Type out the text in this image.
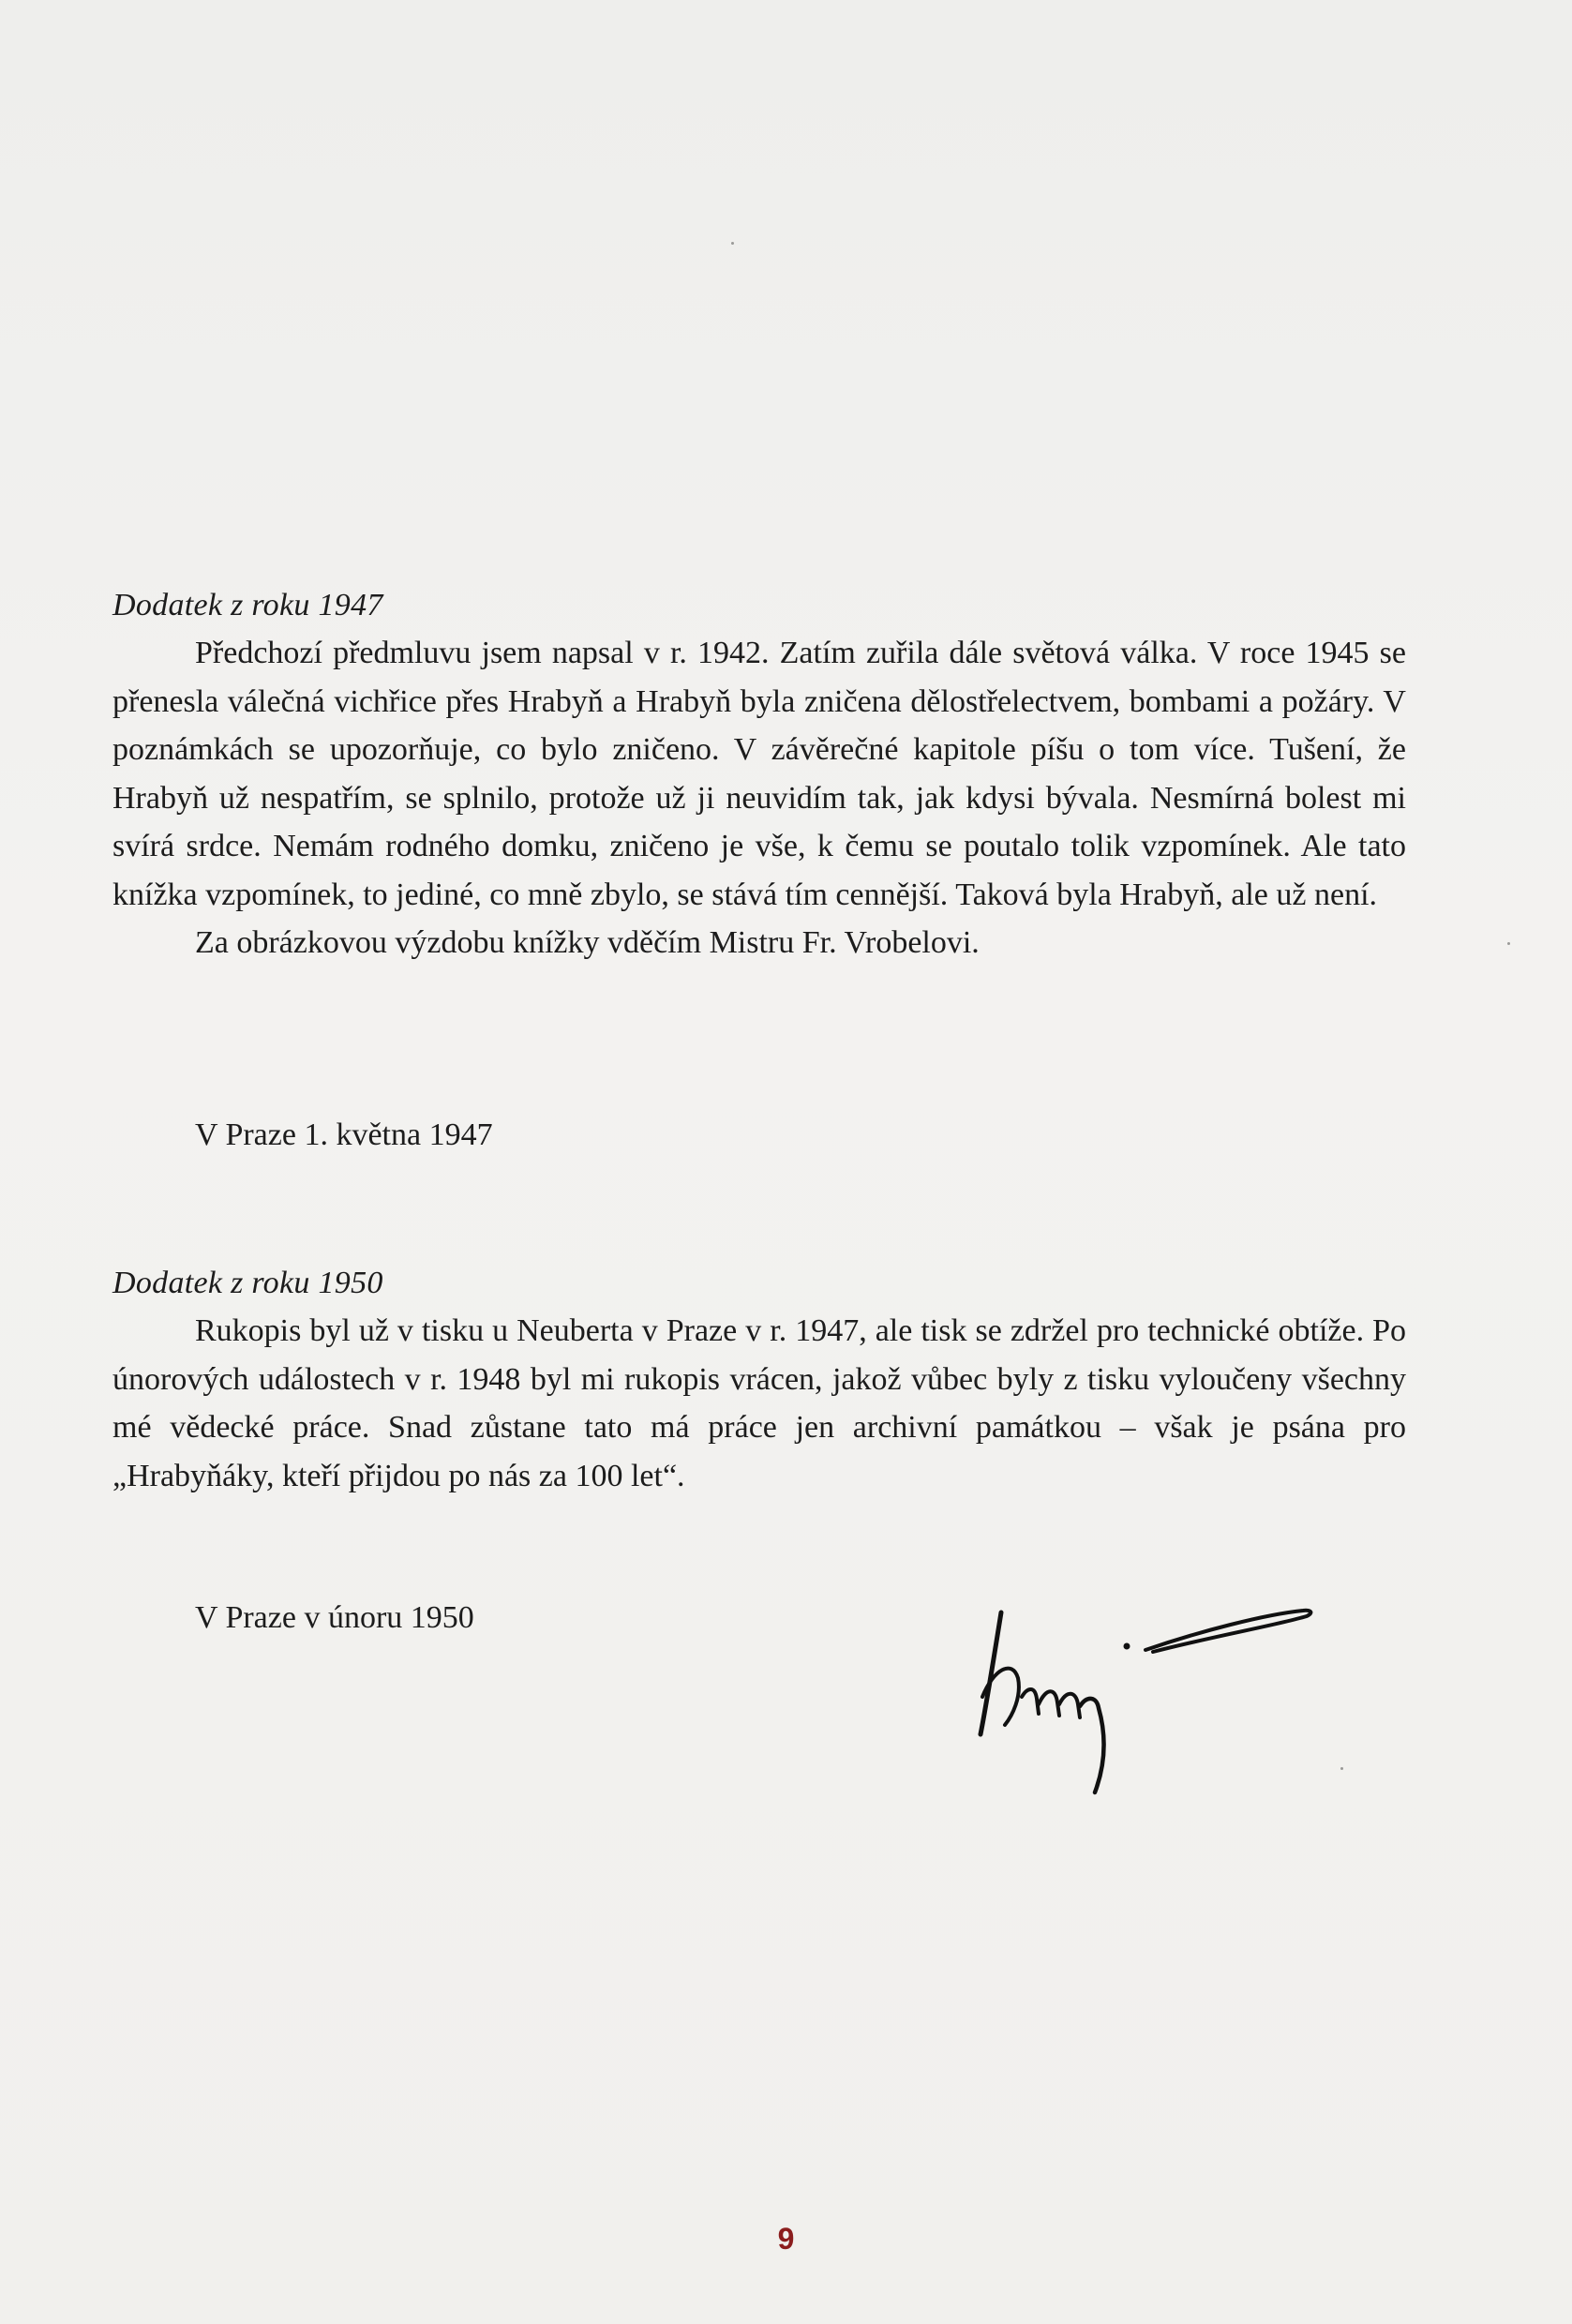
Dodatek z roku 1947

Předchozí předmluvu jsem napsal v r. 1942. Zatím zuřila dále světová válka. V roce 1945 se přenesla válečná vichřice přes Hrabyň a Hrabyň byla zničena dělostřelectvem, bombami a požáry. V poznámkách se upozorňuje, co bylo zničeno. V závěrečné kapitole píšu o tom více. Tušení, že Hrabyň už nespatřím, se splnilo, protože už ji neuvidím tak, jak kdysi bývala. Nesmírná bolest mi svírá srdce. Nemám rodného domku, zničeno je vše, k čemu se poutalo tolik vzpomínek. Ale tato knížka vzpomínek, to jediné, co mně zbylo, se stává tím cennější. Taková byla Hrabyň, ale už není.

Za obrázkovou výzdobu knížky vděčím Mistru Fr. Vrobelovi.

V Praze 1. května 1947

Dodatek z roku 1950

Rukopis byl už v tisku u Neuberta v Praze v r. 1947, ale tisk se zdržel pro technické obtíže. Po únorových událostech v r. 1948 byl mi rukopis vrácen, jakož vůbec byly z tisku vyloučeny všechny mé vědecké práce. Snad zůstane tato má práce jen archivní památkou – však je psána pro „Hrabyňáky, kteří přijdou po nás za 100 let“.

V Praze v únoru 1950

9
